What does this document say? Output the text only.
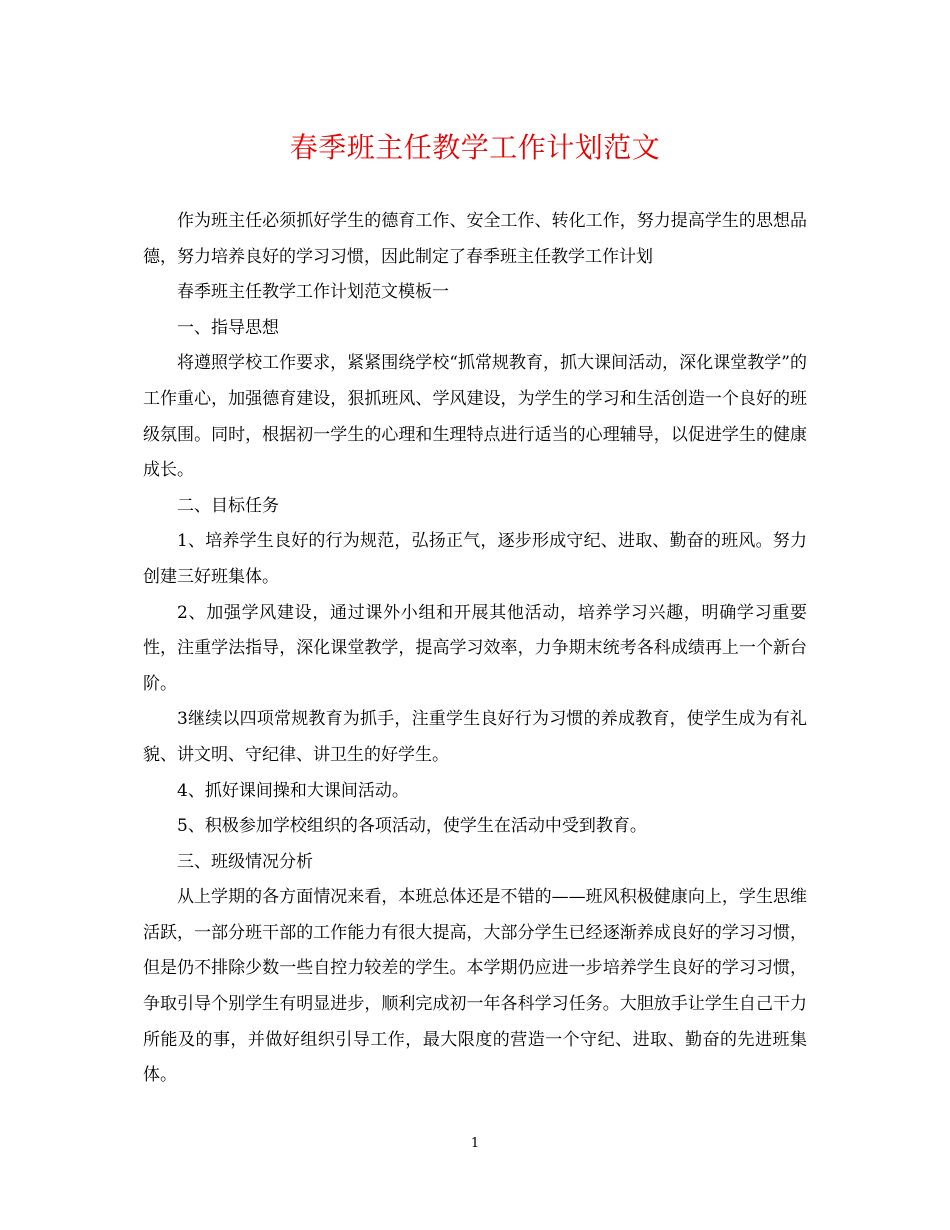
春季班主任教学工作计划范文

作为班主任必须抓好学生的德育工作、安全工作、转化工作，努力提高学生的思想品德，努力培养良好的学习习惯，因此制定了春季班主任教学工作计划

春季班主任教学工作计划范文模板一

一、指导思想

将遵照学校工作要求，紧紧围绕学校“抓常规教育，抓大课间活动，深化课堂教学”的工作重心，加强德育建设，狠抓班风、学风建设，为学生的学习和生活创造一个良好的班级氛围。同时，根据初一学生的心理和生理特点进行适当的心理辅导，以促进学生的健康成长。

二、目标任务

1、培养学生良好的行为规范，弘扬正气，逐步形成守纪、进取、勤奋的班风。努力创建三好班集体。

2、加强学风建设，通过课外小组和开展其他活动，培养学习兴趣，明确学习重要性，注重学法指导，深化课堂教学，提高学习效率，力争期末统考各科成绩再上一个新台阶。

3继续以四项常规教育为抓手，注重学生良好行为习惯的养成教育，使学生成为有礼貌、讲文明、守纪律、讲卫生的好学生。

4、抓好课间操和大课间活动。

5、积极参加学校组织的各项活动，使学生在活动中受到教育。

三、班级情况分析

从上学期的各方面情况来看，本班总体还是不错的——班风积极健康向上，学生思维活跃，一部分班干部的工作能力有很大提高，大部分学生已经逐渐养成良好的学习习惯，但是仍不排除少数一些自控力较差的学生。本学期仍应进一步培养学生良好的学习习惯，争取引导个别学生有明显进步，顺利完成初一年各科学习任务。大胆放手让学生自己干力所能及的事，并做好组织引导工作，最大限度的营造一个守纪、进取、勤奋的先进班集体。

1
